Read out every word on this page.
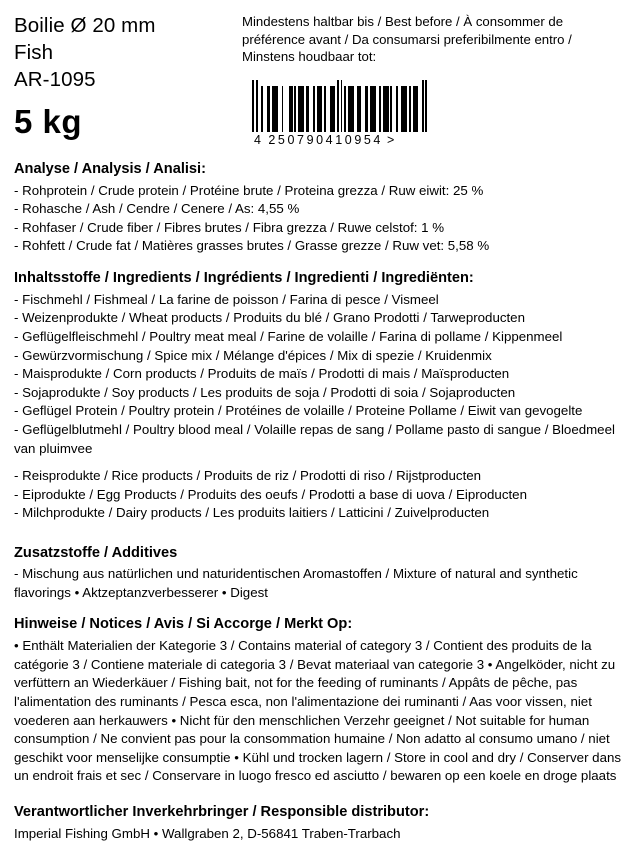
Boilie Ø 20 mm
Fish
AR-1095
5 kg
Mindestens haltbar bis / Best before / À consommer de préférence avant / Da consumarsi preferibilmente entro / Minstens houdbaar tot:
4 250790 410954 >
Analyse / Analysis / Analisi:
- Rohprotein / Crude protein / Protéine brute / Proteina grezza / Ruw eiwit: 25 %
- Rohasche / Ash / Cendre / Cenere / As: 4,55 %
- Rohfaser / Crude fiber / Fibres brutes / Fibra grezza / Ruwe celstof: 1 %
- Rohfett / Crude fat / Matières grasses brutes / Grasse grezze / Ruw vet: 5,58 %
Inhaltsstoffe / Ingredients / Ingrédients / Ingredienti / Ingrediënten:
- Fischmehl / Fishmeal / La farine de poisson / Farina di pesce / Vismeel
- Weizenprodukte / Wheat products / Produits du blé / Grano Prodotti / Tarweproducten
- Geflügelfleischmehl / Poultry meat meal / Farine de volaille / Farina di pollame / Kippenmeel
- Gewürzvormischung / Spice mix / Mélange d'épices / Mix di spezie / Kruidenmix
- Maisprodukte / Corn products / Produits de maïs / Prodotti di mais / Maïsproducten
- Sojaprodukte / Soy products / Les produits de soja / Prodotti di soia / Sojaproducten
- Geflügel Protein / Poultry protein / Protéines de volaille / Proteine Pollame / Eiwit van gevogelte
- Geflügelblutmehl / Poultry blood meal / Volaille repas de sang / Pollame pasto di sangue / Bloedmeel van pluimvee
- Reisprodukte / Rice products / Produits de riz / Prodotti di riso / Rijstproducten
- Eiprodukte / Egg Products / Produits des oeufs / Prodotti a base di uova / Eiproducten
- Milchprodukte / Dairy products / Les produits laitiers / Latticini / Zuivelproducten
Zusatzstoffe / Additives
- Mischung aus natürlichen und naturidentischen Aromastoffen / Mixture of natural and synthetic flavorings • Aktzeptanzverbesserer • Digest
Hinweise / Notices / Avis / Si Accorge / Merkt Op:
• Enthält Materialien der Kategorie 3 / Contains material of category 3 / Contient des produits de la catégorie 3 / Contiene materiale di categoria 3 / Bevat materiaal van categorie 3 • Angelköder, nicht zu verfüttern an Wiederkäuer / Fishing bait, not for the feeding of ruminants / Appâts de pêche, pas l'alimentation des ruminants / Pesca esca, non l'alimentazione dei ruminanti / Aas voor vissen, niet voederen aan herkauwers • Nicht für den menschlichen Verzehr geeignet / Not suitable for human consumption / Ne convient pas pour la consommation humaine / Non adatto al consumo umano / niet geschikt voor menselijke consumptie • Kühl und trocken lagern / Store in cool and dry / Conserver dans un endroit frais et sec / Conservare in luogo fresco ed asciutto / bewaren op een koele en droge plaats
Verantwortlicher Inverkehrbringer / Responsible distributor:
Imperial Fishing GmbH • Wallgraben 2, D-56841 Traben-Trarbach
